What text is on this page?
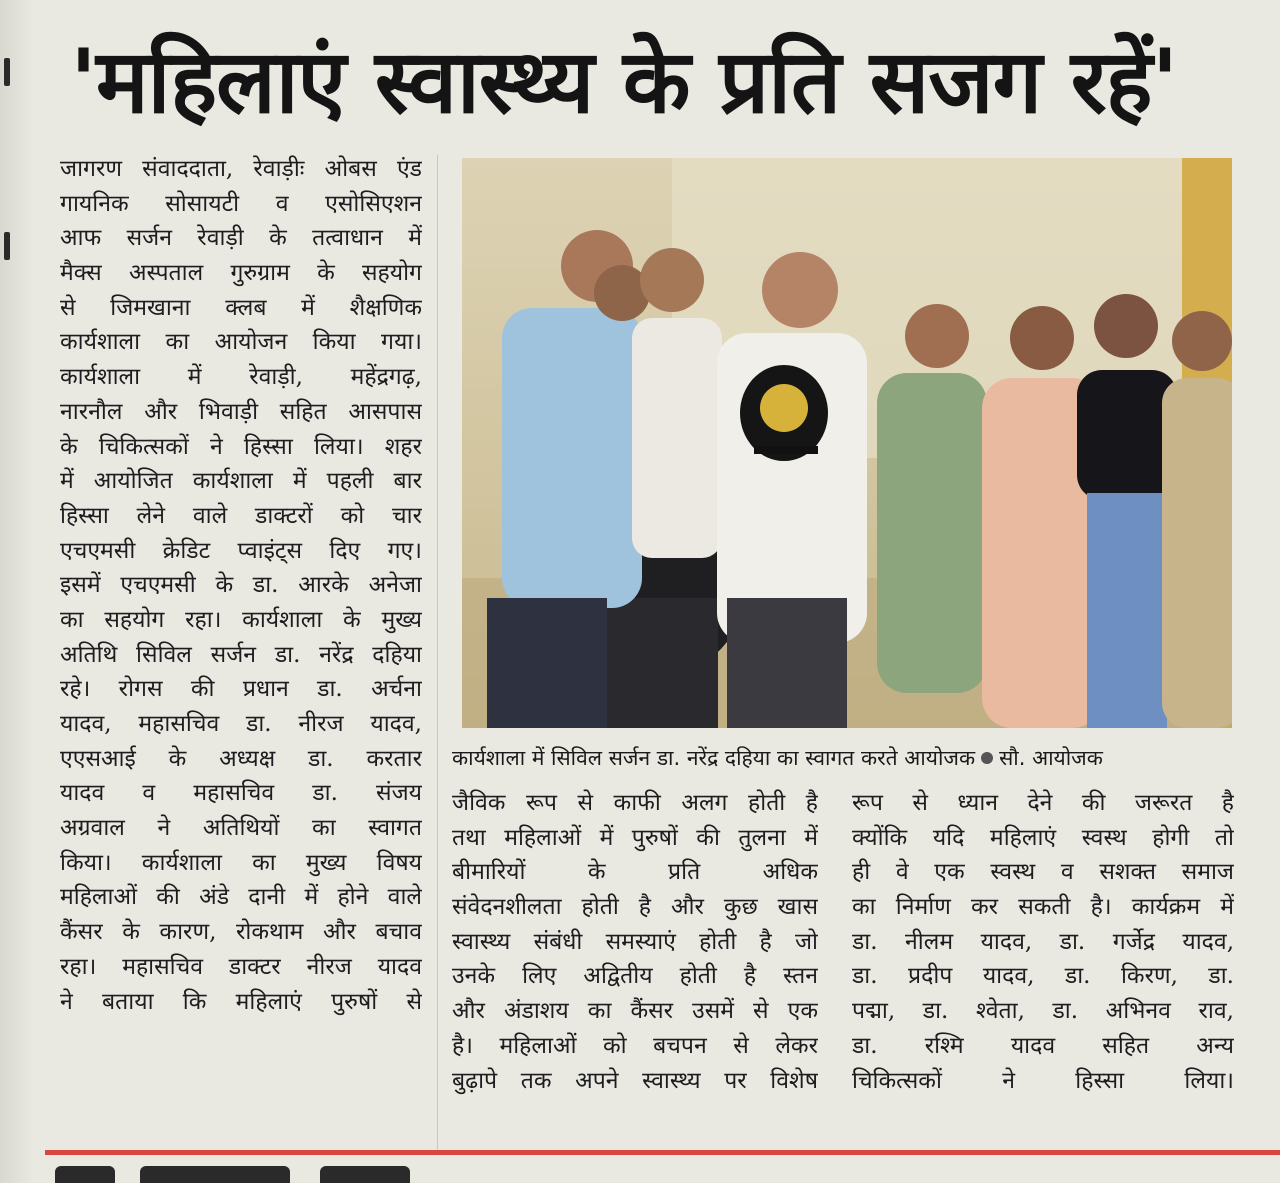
'महिलाएं स्वास्थ्य के प्रति सजग रहें'
जागरण संवाददाता, रेवाड़ीः ओबस एंड
गायनिक सोसायटी व एसोसिएशन
आफ सर्जन रेवाड़ी के तत्वाधान में
मैक्स अस्पताल गुरुग्राम के सहयोग
से जिमखाना क्लब में शैक्षणिक
कार्यशाला का आयोजन किया गया।
कार्यशाला में रेवाड़ी, महेंद्रगढ़,
नारनौल और भिवाड़ी सहित आसपास
के चिकित्सकों ने हिस्सा लिया। शहर
में आयोजित कार्यशाला में पहली बार
हिस्सा लेने वाले डाक्टरों को चार
एचएमसी क्रेडिट प्वाइंट्स दिए गए।
इसमें एचएमसी के डा. आरके अनेजा
का सहयोग रहा। कार्यशाला के मुख्य
अतिथि सिविल सर्जन डा. नरेंद्र दहिया
रहे। रोगस की प्रधान डा. अर्चना
यादव, महासचिव डा. नीरज यादव,
एएसआई के अध्यक्ष डा. करतार
यादव व महासचिव डा. संजय
अग्रवाल ने अतिथियों का स्वागत
किया। कार्यशाला का मुख्य विषय
महिलाओं की अंडे दानी में होने वाले
कैंसर के कारण, रोकथाम और बचाव
रहा। महासचिव डाक्टर नीरज यादव
ने बताया कि महिलाएं पुरुषों से
कार्यशाला में सिविल सर्जन डा. नरेंद्र दहिया का स्वागत करते आयोजक सौ. आयोजक
जैविक रूप से काफी अलग होती है
तथा महिलाओं में पुरुषों की तुलना में
बीमारियों के प्रति अधिक
संवेदनशीलता होती है और कुछ खास
स्वास्थ्य संबंधी समस्याएं होती है जो
उनके लिए अद्वितीय होती है स्तन
और अंडाशय का कैंसर उसमें से एक
है। महिलाओं को बचपन से लेकर
बुढ़ापे तक अपने स्वास्थ्य पर विशेष
रूप से ध्यान देने की जरूरत है
क्योंकि यदि महिलाएं स्वस्थ होगी तो
ही वे एक स्वस्थ व सशक्त समाज
का निर्माण कर सकती है। कार्यक्रम में
डा. नीलम यादव, डा. गर्जेद्र यादव,
डा. प्रदीप यादव, डा. किरण, डा.
पद्मा, डा. श्वेता, डा. अभिनव राव,
डा. रश्मि यादव सहित अन्य
चिकित्सकों ने हिस्सा लिया।
